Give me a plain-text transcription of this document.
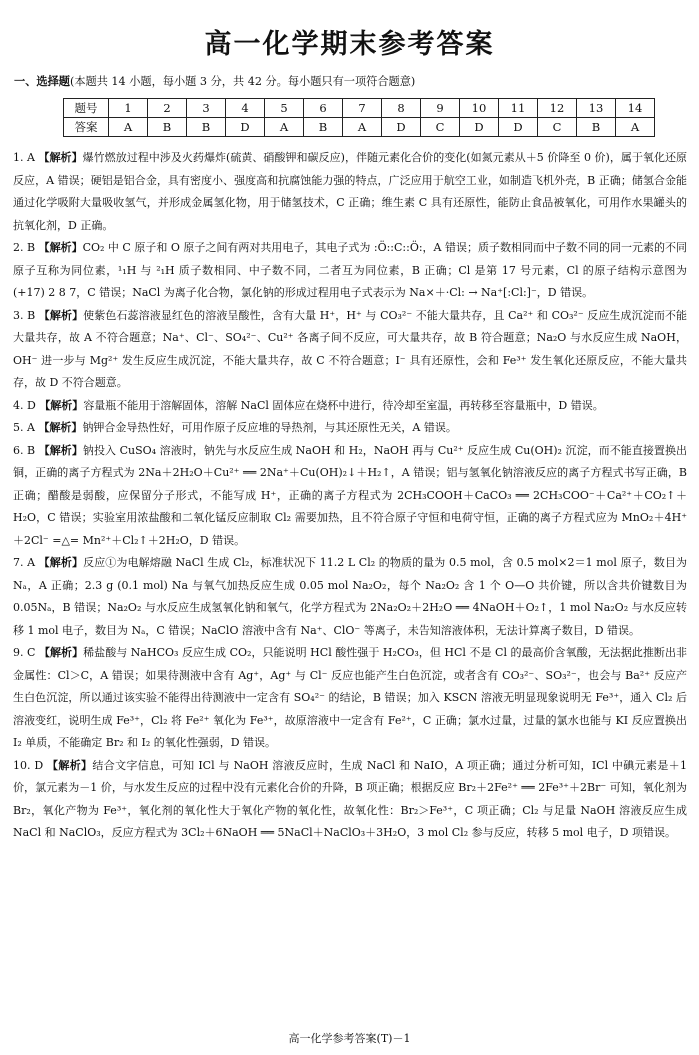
高一化学期末参考答案
一、选择题(本题共 14 小题，每小题 3 分，共 42 分。每小题只有一项符合题意)
题号	1	2	3	4	5	6	7	8	9	10	11	12	13	14
答案	A	B	B	D	A	B	A	D	C	D	D	C	B	A

1. A 【解析】爆竹燃放过程中涉及火药爆炸(硫黄、硝酸钾和碳反应)，伴随元素化合价的变化(如氮元素从＋5 价降至 0 价)，属于氧化还原反应，A 错误；硬铝是铝合金，具有密度小、强度高和抗腐蚀能力强的特点，广泛应用于航空工业，如制造飞机外壳，B 正确；储氢合金能通过化学吸附大量吸收氢气，并形成金属氢化物，用于储氢技术，C 正确；维生素 C 具有还原性，能防止食品被氧化，可用作水果罐头的抗氧化剂，D 正确。

2. B 【解析】CO₂ 中 C 原子和 O 原子之间有两对共用电子，其电子式为 :Ö::C::Ö:，A 错误；质子数相同而中子数不同的同一元素的不同原子互称为同位素，¹₁H 与 ²₁H 质子数相同、中子数不同，二者互为同位素，B 正确；Cl 是第 17 号元素，Cl 的原子结构示意图为 (+17) 2 8 7，C 错误；NaCl 为离子化合物，氯化钠的形成过程用电子式表示为 Na×＋·Cl: → Na⁺[:Cl:]⁻，D 错误。

3. B 【解析】使紫色石蕊溶液显红色的溶液呈酸性，含有大量 H⁺，H⁺ 与 CO₃²⁻ 不能大量共存，且 Ca²⁺ 和 CO₃²⁻ 反应生成沉淀而不能大量共存，故 A 不符合题意；Na⁺、Cl⁻、SO₄²⁻、Cu²⁺ 各离子间不反应，可大量共存，故 B 符合题意；Na₂O 与水反应生成 NaOH，OH⁻ 进一步与 Mg²⁺ 发生反应生成沉淀，不能大量共存，故 C 不符合题意；I⁻ 具有还原性，会和 Fe³⁺ 发生氧化还原反应，不能大量共存，故 D 不符合题意。

4. D 【解析】容量瓶不能用于溶解固体，溶解 NaCl 固体应在烧杯中进行，待冷却至室温，再转移至容量瓶中，D 错误。

5. A 【解析】钠钾合金导热性好，可用作原子反应堆的导热剂，与其还原性无关，A 错误。

6. B 【解析】钠投入 CuSO₄ 溶液时，钠先与水反应生成 NaOH 和 H₂，NaOH 再与 Cu²⁺ 反应生成 Cu(OH)₂ 沉淀，而不能直接置换出铜，正确的离子方程式为 2Na＋2H₂O＋Cu²⁺ ══ 2Na⁺＋Cu(OH)₂↓＋H₂↑，A 错误；铝与氢氧化钠溶液反应的离子方程式书写正确，B 正确；醋酸是弱酸，应保留分子形式，不能写成 H⁺，正确的离子方程式为 2CH₃COOH＋CaCO₃ ══ 2CH₃COO⁻＋Ca²⁺＋CO₂↑＋H₂O，C 错误；实验室用浓盐酸和二氧化锰反应制取 Cl₂ 需要加热，且不符合原子守恒和电荷守恒，正确的离子方程式应为 MnO₂＋4H⁺＋2Cl⁻ =△= Mn²⁺＋Cl₂↑＋2H₂O，D 错误。

7. A 【解析】反应①为电解熔融 NaCl 生成 Cl₂，标准状况下 11.2 L Cl₂ 的物质的量为 0.5 mol，含 0.5 mol×2＝1 mol 原子，数目为 Nₐ，A 正确；2.3 g (0.1 mol) Na 与氧气加热反应生成 0.05 mol Na₂O₂，每个 Na₂O₂ 含 1 个 O—O 共价键，所以含共价键数目为 0.05Nₐ，B 错误；Na₂O₂ 与水反应生成氢氧化钠和氧气，化学方程式为 2Na₂O₂＋2H₂O ══ 4NaOH＋O₂↑，1 mol Na₂O₂ 与水反应转移 1 mol 电子，数目为 Nₐ，C 错误；NaClO 溶液中含有 Na⁺、ClO⁻ 等离子，未告知溶液体积，无法计算离子数目，D 错误。

9. C 【解析】稀盐酸与 NaHCO₃ 反应生成 CO₂，只能说明 HCl 酸性强于 H₂CO₃，但 HCl 不是 Cl 的最高价含氧酸，无法据此推断出非金属性：Cl＞C，A 错误；如果待测液中含有 Ag⁺，Ag⁺ 与 Cl⁻ 反应也能产生白色沉淀，或者含有 CO₃²⁻、SO₃²⁻，也会与 Ba²⁺ 反应产生白色沉淀，所以通过该实验不能得出待测液中一定含有 SO₄²⁻ 的结论，B 错误；加入 KSCN 溶液无明显现象说明无 Fe³⁺，通入 Cl₂ 后溶液变红，说明生成 Fe³⁺，Cl₂ 将 Fe²⁺ 氧化为 Fe³⁺，故原溶液中一定含有 Fe²⁺，C 正确；氯水过量，过量的氯水也能与 KI 反应置换出 I₂ 单质，不能确定 Br₂ 和 I₂ 的氧化性强弱，D 错误。

10. D 【解析】结合文字信息，可知 ICl 与 NaOH 溶液反应时，生成 NaCl 和 NaIO，A 项正确；通过分析可知，ICl 中碘元素是＋1 价，氯元素为－1 价，与水发生反应的过程中没有元素化合价的升降，B 项正确；根据反应 Br₂＋2Fe²⁺ ══ 2Fe³⁺＋2Br⁻ 可知，氧化剂为 Br₂，氧化产物为 Fe³⁺，氧化剂的氧化性大于氧化产物的氧化性，故氧化性：Br₂＞Fe³⁺，C 项正确；Cl₂ 与足量 NaOH 溶液反应生成 NaCl 和 NaClO₃，反应方程式为 3Cl₂＋6NaOH ══ 5NaCl＋NaClO₃＋3H₂O，3 mol Cl₂ 参与反应，转移 5 mol 电子，D 项错误。

高一化学参考答案(T)－1
